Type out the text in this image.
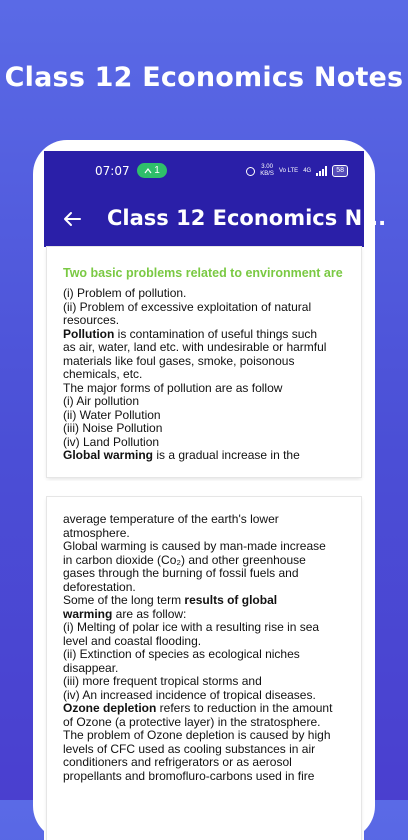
Class 12 Economics Notes
07:07 1	3.00
KB/S
Vo LTE 4G	58
Class 12 Economics N...
Two basic problems related to environment are
(i) Problem of pollution.
(ii) Problem of excessive exploitation of natural
resources.
Pollution is contamination of useful things such
as air, water, land etc. with undesirable or harmful
materials like foul gases, smoke, poisonous
chemicals, etc.
The major forms of pollution are as follow
(i) Air pollution
(ii) Water Pollution
(iii) Noise Pollution
(iv) Land Pollution
Global warming is a gradual increase in the
average temperature of the earth's lower
atmosphere.
Global warming is caused by man-made increase
in carbon dioxide (Co₂) and other greenhouse
gases through the burning of fossil fuels and
deforestation.
Some of the long term results of global
warming are as follow:
(i) Melting of polar ice with a resulting rise in sea
level and coastal flooding.
(ii) Extinction of species as ecological niches
disappear.
(iii) more frequent tropical storms and
(iv) An increased incidence of tropical diseases.
Ozone depletion refers to reduction in the amount
of Ozone (a protective layer) in the stratosphere.
The problem of Ozone depletion is caused by high
levels of CFC used as cooling substances in air
conditioners and refrigerators or as aerosol
propellants and bromofluro-carbons used in fire
